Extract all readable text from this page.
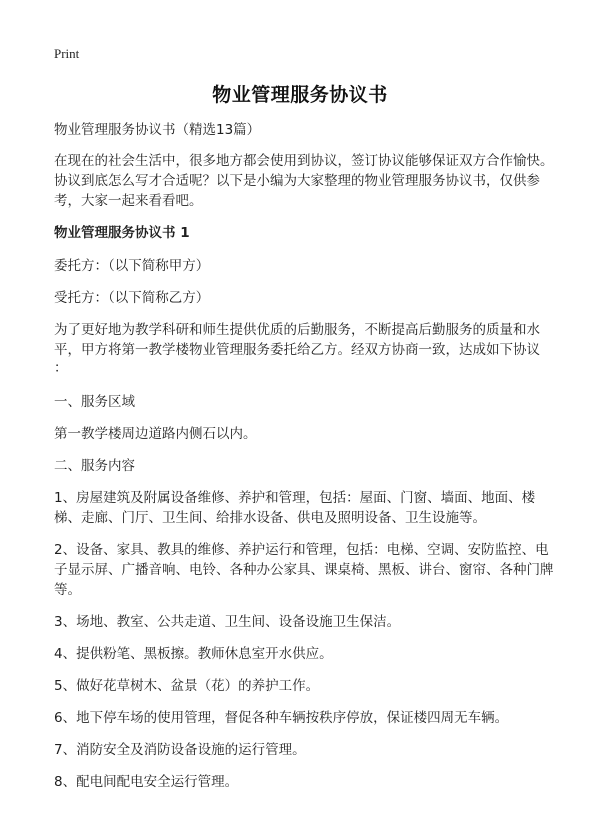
Print
物业管理服务协议书

物业管理服务协议书（精选13篇）

在现在的社会生活中，很多地方都会使用到协议，签订协议能够保证双方合作愉快。协议到底怎么写才合适呢？以下是小编为大家整理的物业管理服务协议书，仅供参考，大家一起来看看吧。

物业管理服务协议书 1

委托方：（以下简称甲方）

受托方：（以下简称乙方）

为了更好地为教学科研和师生提供优质的后勤服务，不断提高后勤服务的质量和水平，甲方将第一教学楼物业管理服务委托给乙方。经双方协商一致，达成如下协议

：

一、服务区域

第一教学楼周边道路内侧石以内。

二、服务内容

1、房屋建筑及附属设备维修、养护和管理，包括：屋面、门窗、墙面、地面、楼梯、走廊、门厅、卫生间、给排水设备、供电及照明设备、卫生设施等。

2、设备、家具、教具的维修、养护运行和管理，包括：电梯、空调、安防监控、电子显示屏、广播音响、电铃、各种办公家具、课桌椅、黑板、讲台、窗帘、各种门牌等。

3、场地、教室、公共走道、卫生间、设备设施卫生保洁。

4、提供粉笔、黑板擦。教师休息室开水供应。

5、做好花草树木、盆景（花）的养护工作。

6、地下停车场的使用管理，督促各种车辆按秩序停放，保证楼四周无车辆。

7、消防安全及消防设备设施的运行管理。

8、配电间配电安全运行管理。
